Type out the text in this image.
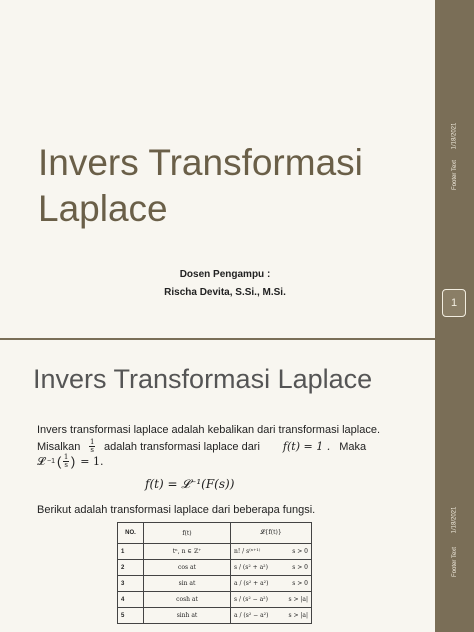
Invers Transformasi
Laplace
Dosen Pengampu :
Rischa Devita, S.Si., M.Si.
1/18/2021
Footer Text
1
Invers Transformasi Laplace
Invers transformasi laplace adalah kebalikan dari transformasi laplace.
Misalkan $\frac{1}{s}$ adalah transformasi laplace dari f(t) = 1 . Maka
𝓛 −1 ( $\frac{1}{s}$ ) = 1.
f(t) = 𝓛⁻¹(F(s))
Berikut adalah transformasi laplace dari beberapa fungsi.
NO.	f(t)	𝓛{f(t)}
1	tⁿ, n ∈ ℤ⁺	n! / s⁽ⁿ⁺¹⁾ s > 0

2	cos at	s / (s² + a²) s > 0

3	sin at	a / (s² + a²) s > 0

4	cosh at	s / (s² − a²) s > |a|

5	sinh at	a / (s² − a²) s > |a|
1/18/2021
Footer Text
